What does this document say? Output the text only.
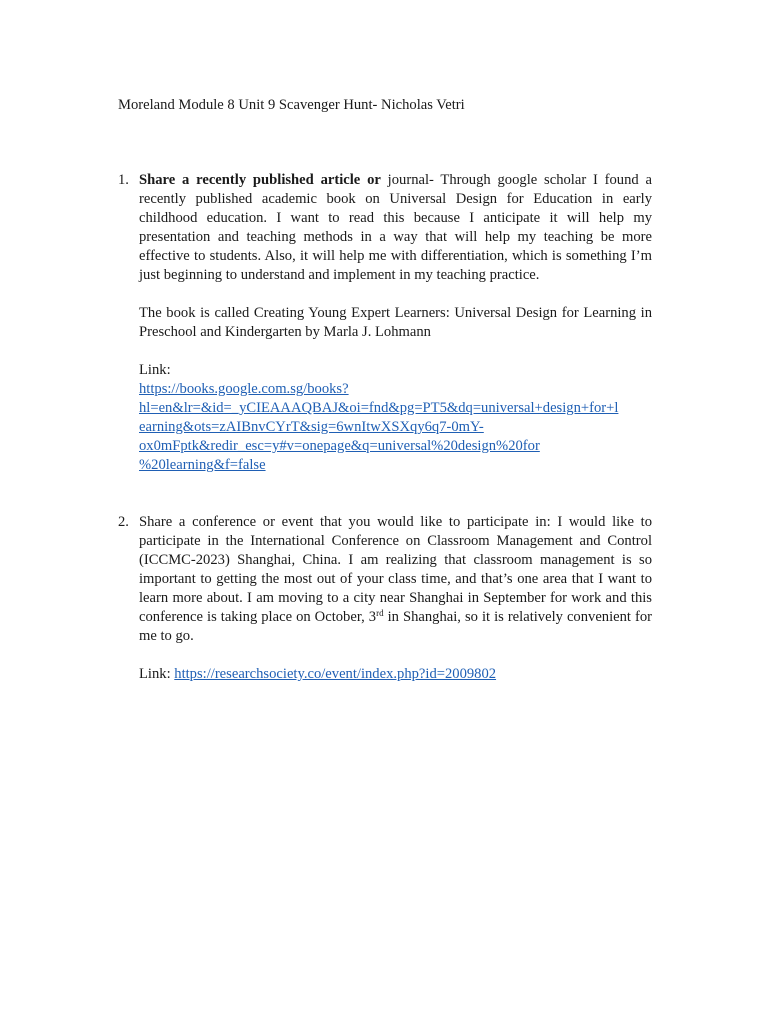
Moreland Module 8 Unit 9 Scavenger Hunt- Nicholas Vetri
1. Share a recently published article or journal- Through google scholar I found a recently published academic book on Universal Design for Education in early childhood education. I want to read this because I anticipate it will help my presentation and teaching methods in a way that will help my teaching be more effective to students. Also, it will help me with differentiation, which is something I’m just beginning to understand and implement in my teaching practice.

The book is called Creating Young Expert Learners: Universal Design for Learning in Preschool and Kindergarten by Marla J. Lohmann

Link:
https://books.google.com.sg/books?
hl=en&lr=&id=_yCIEAAAQBAJ&oi=fnd&pg=PT5&dq=universal+design+for+l
earning&ots=zAIBnvCYrT&sig=6wnItwXSXqy6q7-0mY-
ox0mFptk&redir_esc=y#v=onepage&q=universal%20design%20for
%20learning&f=false

2. Share a conference or event that you would like to participate in: I would like to participate in the International Conference on Classroom Management and Control (ICCMC-2023) Shanghai, China. I am realizing that classroom management is so important to getting the most out of your class time, and that’s one area that I want to learn more about. I am moving to a city near Shanghai in September for work and this conference is taking place on October, 3rd in Shanghai, so it is relatively convenient for me to go.

Link: https://researchsociety.co/event/index.php?id=2009802
